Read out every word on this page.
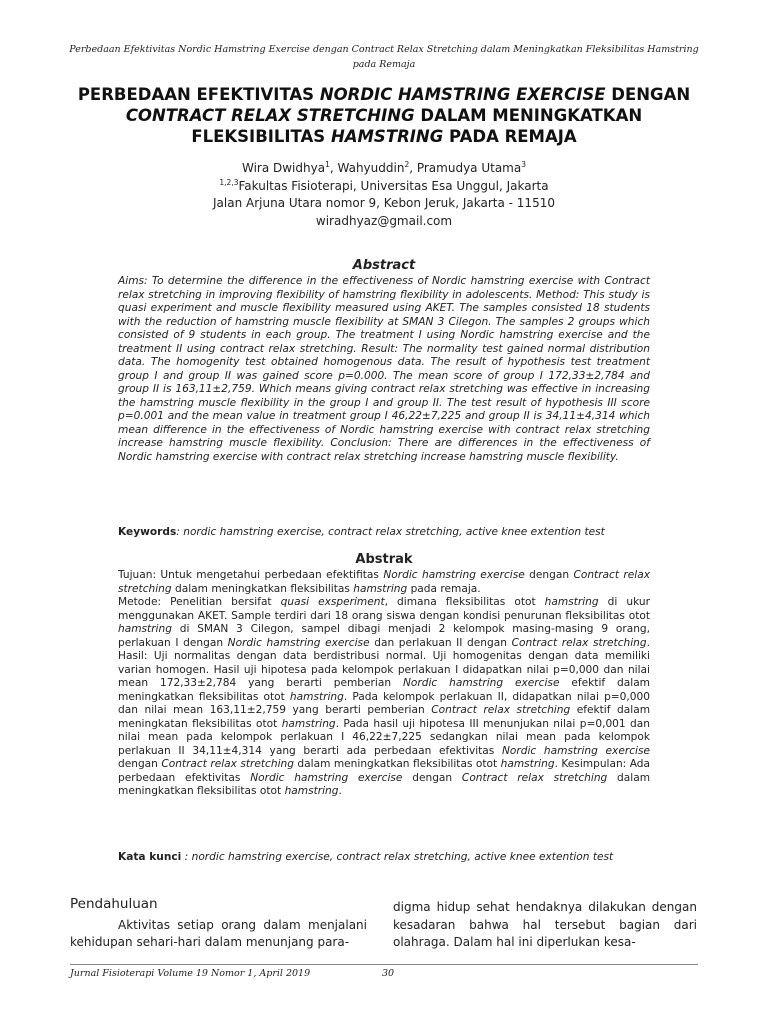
Perbedaan Efektivitas Nordic Hamstring Exercise dengan Contract Relax Stretching dalam Meningkatkan Fleksibilitas Hamstring pada Remaja
PERBEDAAN EFEKTIVITAS NORDIC HAMSTRING EXERCISE DENGAN
CONTRACT RELAX STRETCHING DALAM MENINGKATKAN
FLEKSIBILITAS HAMSTRING PADA REMAJA
Wira Dwidhya$^1$, Wahyuddin$^2$, Pramudya Utama$^3$
$^{1,2,3}$Fakultas Fisioterapi, Universitas Esa Unggul, Jakarta
Jalan Arjuna Utara nomor 9, Kebon Jeruk, Jakarta - 11510
wiradhyaz@gmail.com
Abstract
Aims: To determine the difference in the effectiveness of Nordic hamstring exercise with Contract relax stretching in improving flexibility of hamstring flexibility in adolescents. Method: This study is quasi experiment and muscle flexibility measured using AKET. The samples consisted 18 students with the reduction of hamstring muscle flexibility at SMAN 3 Cilegon. The samples 2 groups which consisted of 9 students in each group. The treatment I using Nordic hamstring exercise and the treatment II using contract relax stretching. Result: The normality test gained normal distribution data. The homogenity test obtained homogenous data. The result of hypothesis test treatment group I and group II was gained score p=0.000. The mean score of group I 172,33±2,784 and group II is 163,11±2,759. Which means giving contract relax stretching was effective in increasing the hamstring muscle flexibility in the group I and group II. The test result of hypothesis III score p=0.001 and the mean value in treatment group I 46,22±7,225 and group II is 34,11±4,314 which mean difference in the effectiveness of Nordic hamstring exercise with contract relax stretching increase hamstring muscle flexibility. Conclusion: There are differences in the effectiveness of Nordic hamstring exercise with contract relax stretching increase hamstring muscle flexibility.
Keywords: nordic hamstring exercise, contract relax stretching, active knee extention test
Abstrak

Tujuan: Untuk mengetahui perbedaan efektifitas Nordic hamstring exercise dengan Contract relax stretching dalam meningkatkan fleksibilitas hamstring pada remaja.

Metode: Penelitian bersifat quasi exsperiment, dimana fleksibilitas otot hamstring di ukur menggunakan AKET. Sample terdiri dari 18 orang siswa dengan kondisi penurunan fleksibilitas otot hamstring di SMAN 3 Cilegon, sampel dibagi menjadi 2 kelompok masing-masing 9 orang, perlakuan I dengan Nordic hamstring exercise dan perlakuan II dengan Contract relax stretching. Hasil: Uji normalitas dengan data berdistribusi normal. Uji homogenitas dengan data memiliki varian homogen. Hasil uji hipotesa pada kelompok perlakuan I didapatkan nilai p=0,000 dan nilai mean 172,33±2,784 yang berarti pemberian Nordic hamstring exercise efektif dalam meningkatkan fleksibilitas otot hamstring. Pada kelompok perlakuan II, didapatkan nilai p=0,000 dan nilai mean 163,11±2,759 yang berarti pemberian Contract relax stretching efektif dalam meningkatan fleksibilitas otot hamstring. Pada hasil uji hipotesa III menunjukan nilai p=0,001 dan nilai mean pada kelompok perlakuan I 46,22±7,225 sedangkan nilai mean pada kelompok perlakuan II 34,11±4,314 yang berarti ada perbedaan efektivitas Nordic hamstring exercise dengan Contract relax stretching dalam meningkatkan fleksibilitas otot hamstring. Kesimpulan: Ada perbedaan efektivitas Nordic hamstring exercise dengan Contract relax stretching dalam meningkatkan fleksibilitas otot hamstring.

Kata kunci : nordic hamstring exercise, contract relax stretching, active knee extention test
Pendahuluan

Aktivitas setiap orang dalam menjalani kehidupan sehari-hari dalam menunjang para-

digma hidup sehat hendaknya dilakukan dengan kesadaran bahwa hal tersebut bagian dari olahraga. Dalam hal ini diperlukan kesa-

Jurnal Fisioterapi Volume 19 Nomor 1, April 2019	30
